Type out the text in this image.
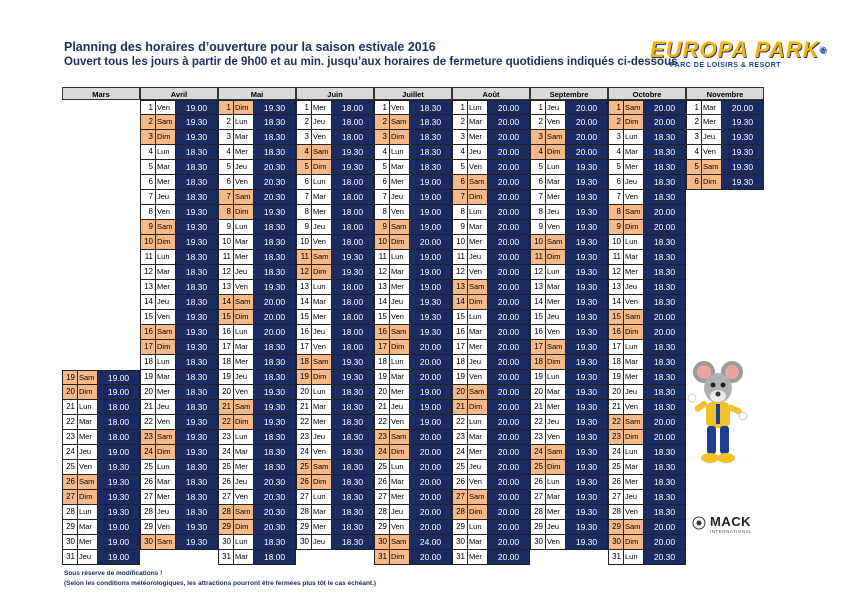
Planning des horaires d’ouverture pour la saison estivale 2016
Ouvert tous les jours à partir de 9h00 et au min. jusqu’aux horaires de fermeture quotidiens indiqués ci-dessous
EUROPA PARK®
PARC DE LOISIRS & RESORT
Mars
19 Sam	19.00
20 Dim	19.00
21 Lun	18.00
22 Mar	18.00
23 Mer	18.00
24 Jeu	19.00
25 Ven	19.30
26 Sam	19.30
27 Dim	19.30
28 Lun	19.30
29 Mar	19.00
30 Mer	19.00
31 Jeu	19.00
Avril
1 Ven	19.00
2 Sam	19.30
3 Dim	19.30
4 Lun	18.30
5 Mar	18.30
6 Mer	18.30
7 Jeu	18.30
8 Ven	19.30
9 Sam	19.30
10 Dim	19.30
11 Lun	18.30
12 Mar	18.30
13 Mer	18.30
14 Jeu	18.30
15 Ven	19.30
16 Sam	19.30
17 Dim	19.30
18 Lun	18.30
19 Mar	18.30
20 Mer	18.30
21 Jeu	18.30
22 Ven	19.30
23 Sam	19.30
24 Dim	19.30
25 Lun	18.30
26 Mar	18.30
27 Mer	18.30
28 Jeu	18.30
29 Ven	19.30
30 Sam	19.30
Mai
1 Dim	19.30
2 Lun	18.30
3 Mar	18.30
4 Mer	18.30
5 Jeu	20.30
6 Ven	20.30
7 Sam	20.30
8 Dim	19.30
9 Lun	18.30
10 Mar	18.30
11 Mer	18.30
12 Jeu	18.30
13 Ven	19.30
14 Sam	20.00
15 Dim	20.00
16 Lun	20.00
17 Mar	18.30
18 Mer	18.30
19 Jeu	18.30
20 Ven	19.30
21 Sam	19.30
22 Dim	19.30
23 Lun	18.30
24 Mar	18.30
25 Mer	18.30
26 Jeu	20.30
27 Ven	20.30
28 Sam	20.30
29 Dim	20.30
30 Lun	18.30
31 Mar	18.00
Juin
1 Mer	18.00
2 Jeu	18.00
3 Ven	18.00
4 Sam	19.30
5 Dim	19.30
6 Lun	18.00
7 Mar	18.00
8 Mer	18.00
9 Jeu	18.00
10 Ven	18.00
11 Sam	19.30
12 Dim	19.30
13 Lun	18.00
14 Mar	18.00
15 Mer	18.00
16 Jeu	18.00
17 Ven	18.00
18 Sam	19.30
19 Dim	19.30
20 Lun	18.30
21 Mar	18.30
22 Mer	18.30
23 Jeu	18.30
24 Ven	18.30
25 Sam	18.30
26 Dim	18.30
27 Lun	18.30
28 Mar	18.30
29 Mer	18.30
30 Jeu	18.30
Juillet
1 Ven	18.30
2 Sam	18.30
3 Dim	18.30
4 Lun	18.30
5 Mar	18.30
6 Mer	19.00
7 Jeu	19.00
8 Ven	19.00
9 Sam	19.00
10 Dim	20.00
11 Lun	19.00
12 Mar	19.00
13 Mer	19.00
14 Jeu	19.30
15 Ven	19.30
16 Sam	19.30
17 Dim	20.00
18 Lun	20.00
19 Mar	20.00
20 Mer	19.00
21 Jeu	19.00
22 Ven	19.00
23 Sam	20.00
24 Dim	20.00
25 Lun	20.00
26 Mar	20.00
27 Mer	20.00
28 Jeu	20.00
29 Ven	20.00
30 Sam	24.00
31 Dim	20.00
Août
1 Lun	20.00
2 Mar	20.00
3 Mer	20.00
4 Jeu	20.00
5 Ven	20.00
6 Sam	20.00
7 Dim	20.00
8 Lun	20.00
9 Mar	20.00
10 Mer	20.00
11 Jeu	20.00
12 Ven	20.00
13 Sam	20.00
14 Dim	20.00
15 Lun	20.00
16 Mar	20.00
17 Mer	20.00
18 Jeu	20.00
19 Ven	20.00
20 Sam	20.00
21 Dim	20.00
22 Lun	20.00
23 Mar	20.00
24 Mer	20.00
25 Jeu	20.00
26 Ven	20.00
27 Sam	20.00
28 Dim	20.00
29 Lun	20.00
30 Mar	20.00
31 Mer	20.00
Septembre
1 Jeu	20.00
2 Ven	20.00
3 Sam	20.00
4 Dim	20.00
5 Lun	19.30
6 Mar	19.30
7 Mer	19.30
8 Jeu	19.30
9 Ven	19.30
10 Sam	19.30
11 Dim	19.30
12 Lun	19.30
13 Mar	19.30
14 Mer	19.30
15 Jeu	19.30
16 Ven	19.30
17 Sam	19.30
18 Dim	19.30
19 Lun	19.30
20 Mar	19.30
21 Mer	19.30
22 Jeu	19.30
23 Ven	19.30
24 Sam	19.30
25 Dim	19.30
26 Lun	19.30
27 Mar	19.30
28 Mer	19.30
29 Jeu	19.30
30 Ven	19.30
Octobre
1 Sam	20.00
2 Dim	20.00
3 Lun	18.30
4 Mar	18.30
5 Mer	18.30
6 Jeu	18.30
7 Ven	18.30
8 Sam	20.00
9 Dim	20.00
10 Lun	18.30
11 Mar	18.30
12 Mer	18.30
13 Jeu	18.30
14 Ven	18.30
15 Sam	20.00
16 Dim	20.00
17 Lun	18.30
18 Mar	18.30
19 Mer	18.30
20 Jeu	18.30
21 Ven	18.30
22 Sam	20.00
23 Dim	20.00
24 Lun	18.30
25 Mar	18.30
26 Mer	18.30
27 Jeu	18.30
28 Ven	18.30
29 Sam	20.00
30 Dim	20.00
31 Lun	20.30
Novembre
1 Mar	20.00
2 Mer	19.30
3 Jeu	19.30
4 Ven	19.30
5 Sam	19.30
6 Dim	19.30
MACK
INTERNATIONAL
Sous réserve de modifications !
(Selon les conditions météorologiques, les attractions pourront être fermées plus tôt le cas échéant.)
